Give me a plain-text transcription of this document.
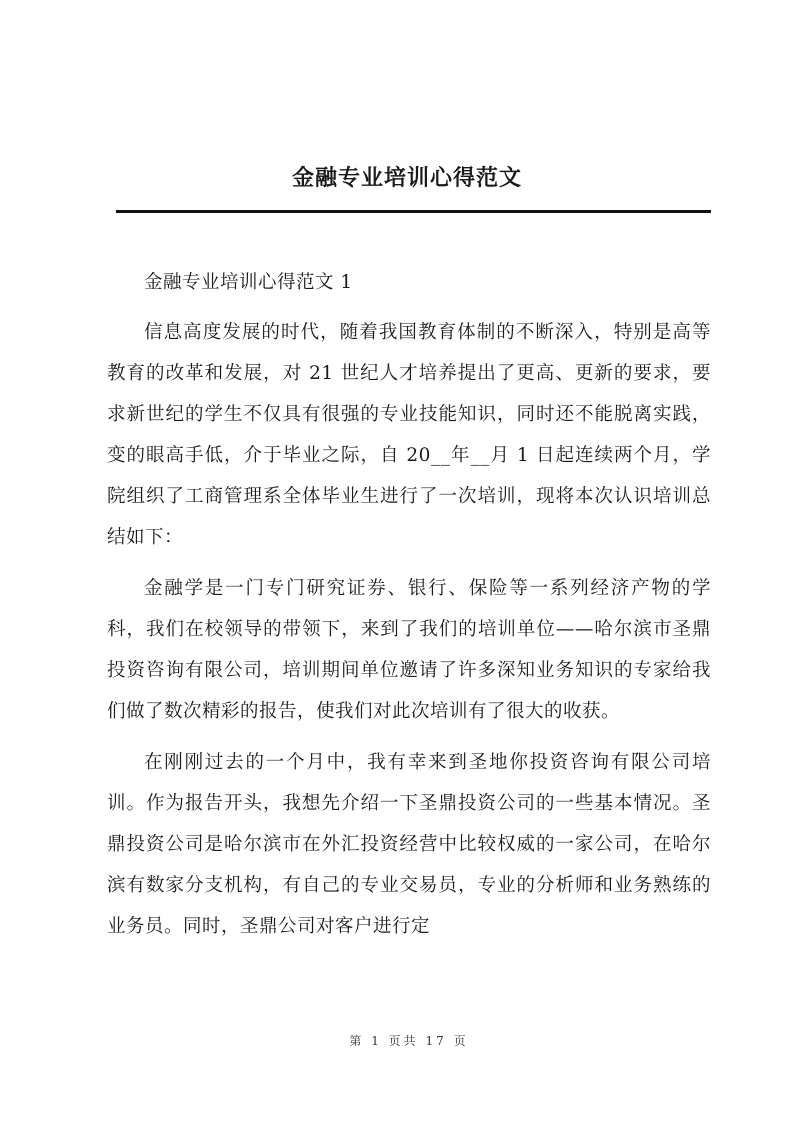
金融专业培训心得范文

金融专业培训心得范文 1

信息高度发展的时代，随着我国教育体制的不断深入，特别是高等教育的改革和发展，对 21 世纪人才培养提出了更高、更新的要求，要求新世纪的学生不仅具有很强的专业技能知识，同时还不能脱离实践，变的眼高手低，介于毕业之际，自 20__年__月 1 日起连续两个月，学院组织了工商管理系全体毕业生进行了一次培训，现将本次认识培训总结如下：

金融学是一门专门研究证券、银行、保险等一系列经济产物的学科，我们在校领导的带领下，来到了我们的培训单位——哈尔滨市圣鼎投资咨询有限公司，培训期间单位邀请了许多深知业务知识的专家给我们做了数次精彩的报告，使我们对此次培训有了很大的收获。

在刚刚过去的一个月中，我有幸来到圣地你投资咨询有限公司培训。作为报告开头，我想先介绍一下圣鼎投资公司的一些基本情况。圣鼎投资公司是哈尔滨市在外汇投资经营中比较权威的一家公司，在哈尔滨有数家分支机构，有自己的专业交易员，专业的分析师和业务熟练的业务员。同时，圣鼎公司对客户进行定

第 1 页共 17 页
